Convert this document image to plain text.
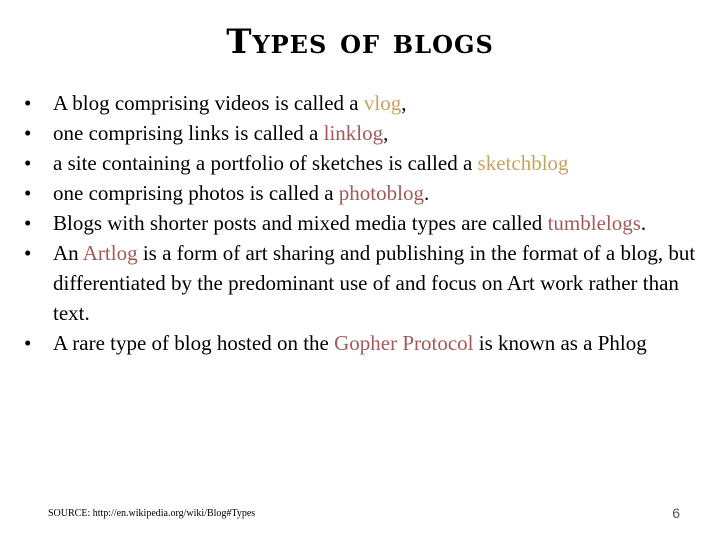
Types of blogs
• A blog comprising videos is called a vlog,
• one comprising links is called a linklog,
• a site containing a portfolio of sketches is called a sketchblog
• one comprising photos is called a photoblog.
• Blogs with shorter posts and mixed media types are called tumblelogs.
• An Artlog is a form of art sharing and publishing in the format of a blog, but differentiated by the predominant use of and focus on Art work rather than text.
• A rare type of blog hosted on the Gopher Protocol is known as a Phlog
SOURCE: http://en.wikipedia.org/wiki/Blog#Types	6
